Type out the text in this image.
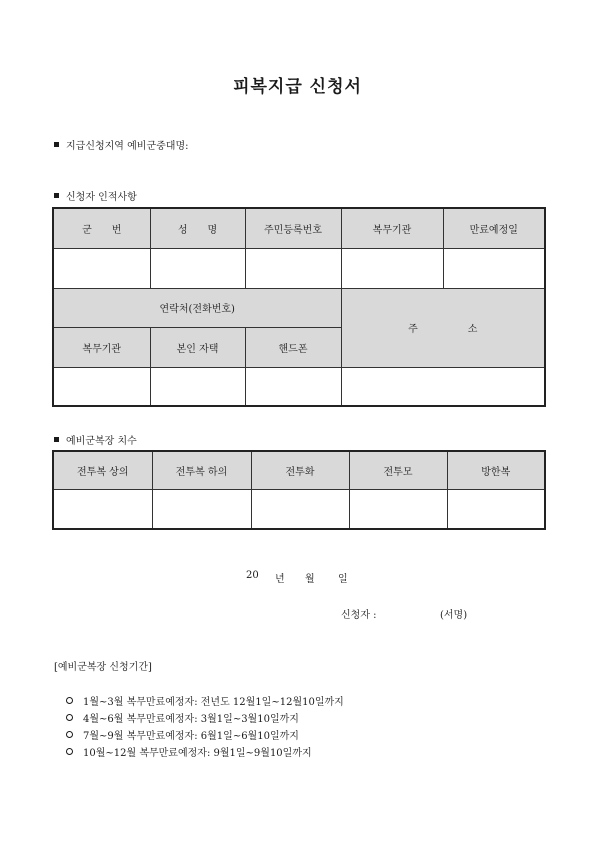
피복지급 신청서
지급신청지역 예비군중대명:
신청자 인적사항
군　　번	성　　명	주민등록번호	복무기관	만료예정일

연락처(전화번호)			주　　　　　소	
복무기관	본인 자택	핸드폰		

예비군복장 치수
전투복 상의	전투복 하의	전투화	전투모	방한복

20 년 월 일
신청자 :	(서명)
[예비군복장 신청기간]
1월~3월 복무만료예정자: 전년도 12월1일~12월10일까지
4월~6월 복무만료예정자: 3월1일~3월10일까지
7월~9월 복무만료예정자: 6월1일~6월10일까지
10월~12월 복무만료예정자: 9월1일~9월10일까지
